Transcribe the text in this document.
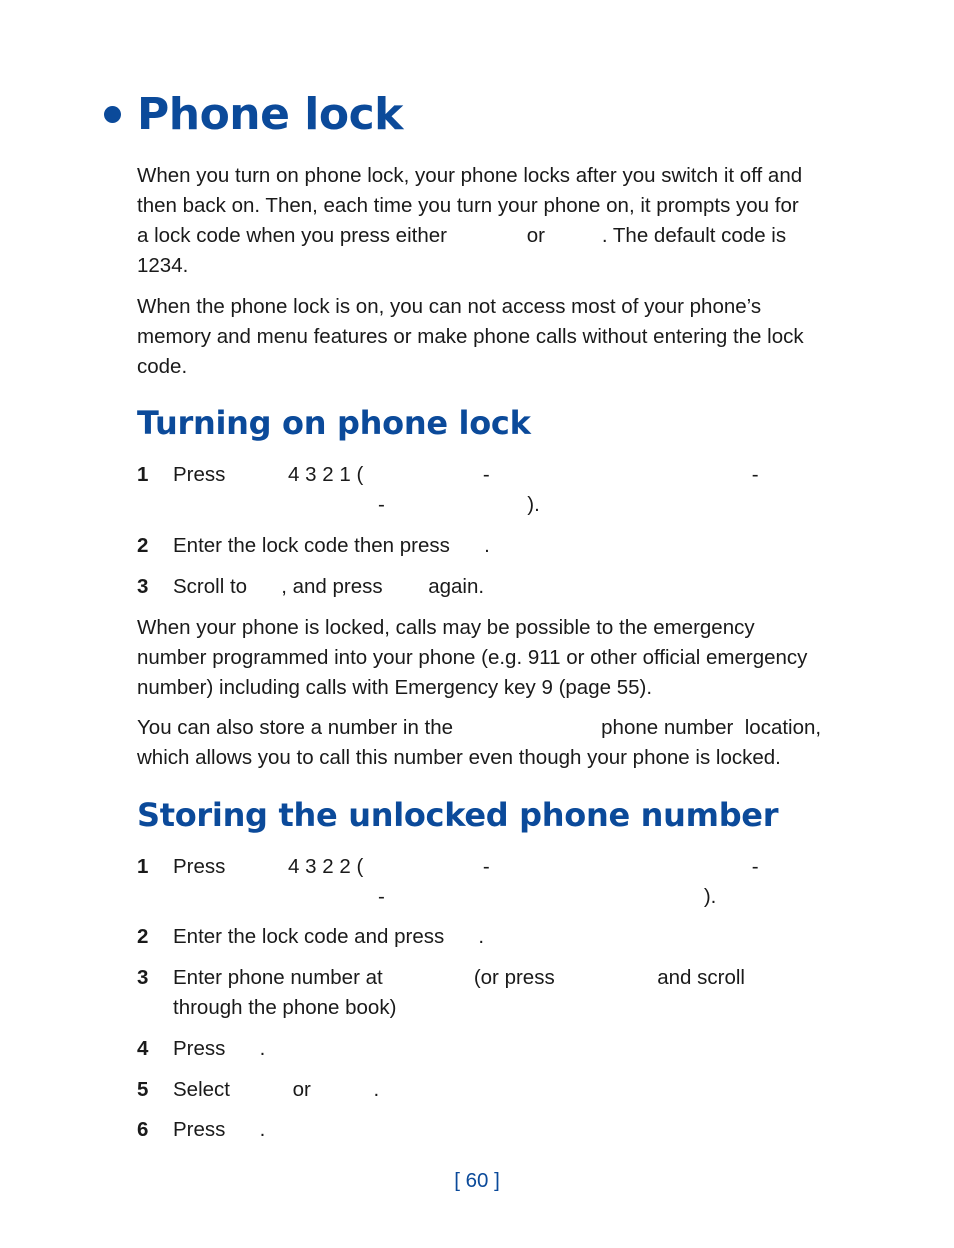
Phone lock

When you turn on phone lock, your phone locks after you switch it off and
then back on. Then, each time you turn your phone on, it prompts you for
a lock code when you press either              or          . The default code is
1234.

When the phone lock is on, you can not access most of your phone’s
memory and menu features or make phone calls without entering the lock
code.

Turning on phone lock
1 Press           4 3 2 1 (                     -                                              -
-                         ).
2 Enter the lock code then press      .
3 Scroll to      , and press        again.

When your phone is locked, calls may be possible to the emergency
number programmed into your phone (e.g. 911 or other official emergency
number) including calls with Emergency key 9 (page 55).

You can also store a number in the                          phone number  location,
which allows you to call this number even though your phone is locked.

Storing the unlocked phone number
1 Press           4 3 2 2 (                     -                                              -
-                                                        ).
2 Enter the lock code and press      .
3 Enter phone number at                (or press                  and scroll
through the phone book)
4 Press      .
5 Select           or           .
6 Press      .
[ 60 ]
